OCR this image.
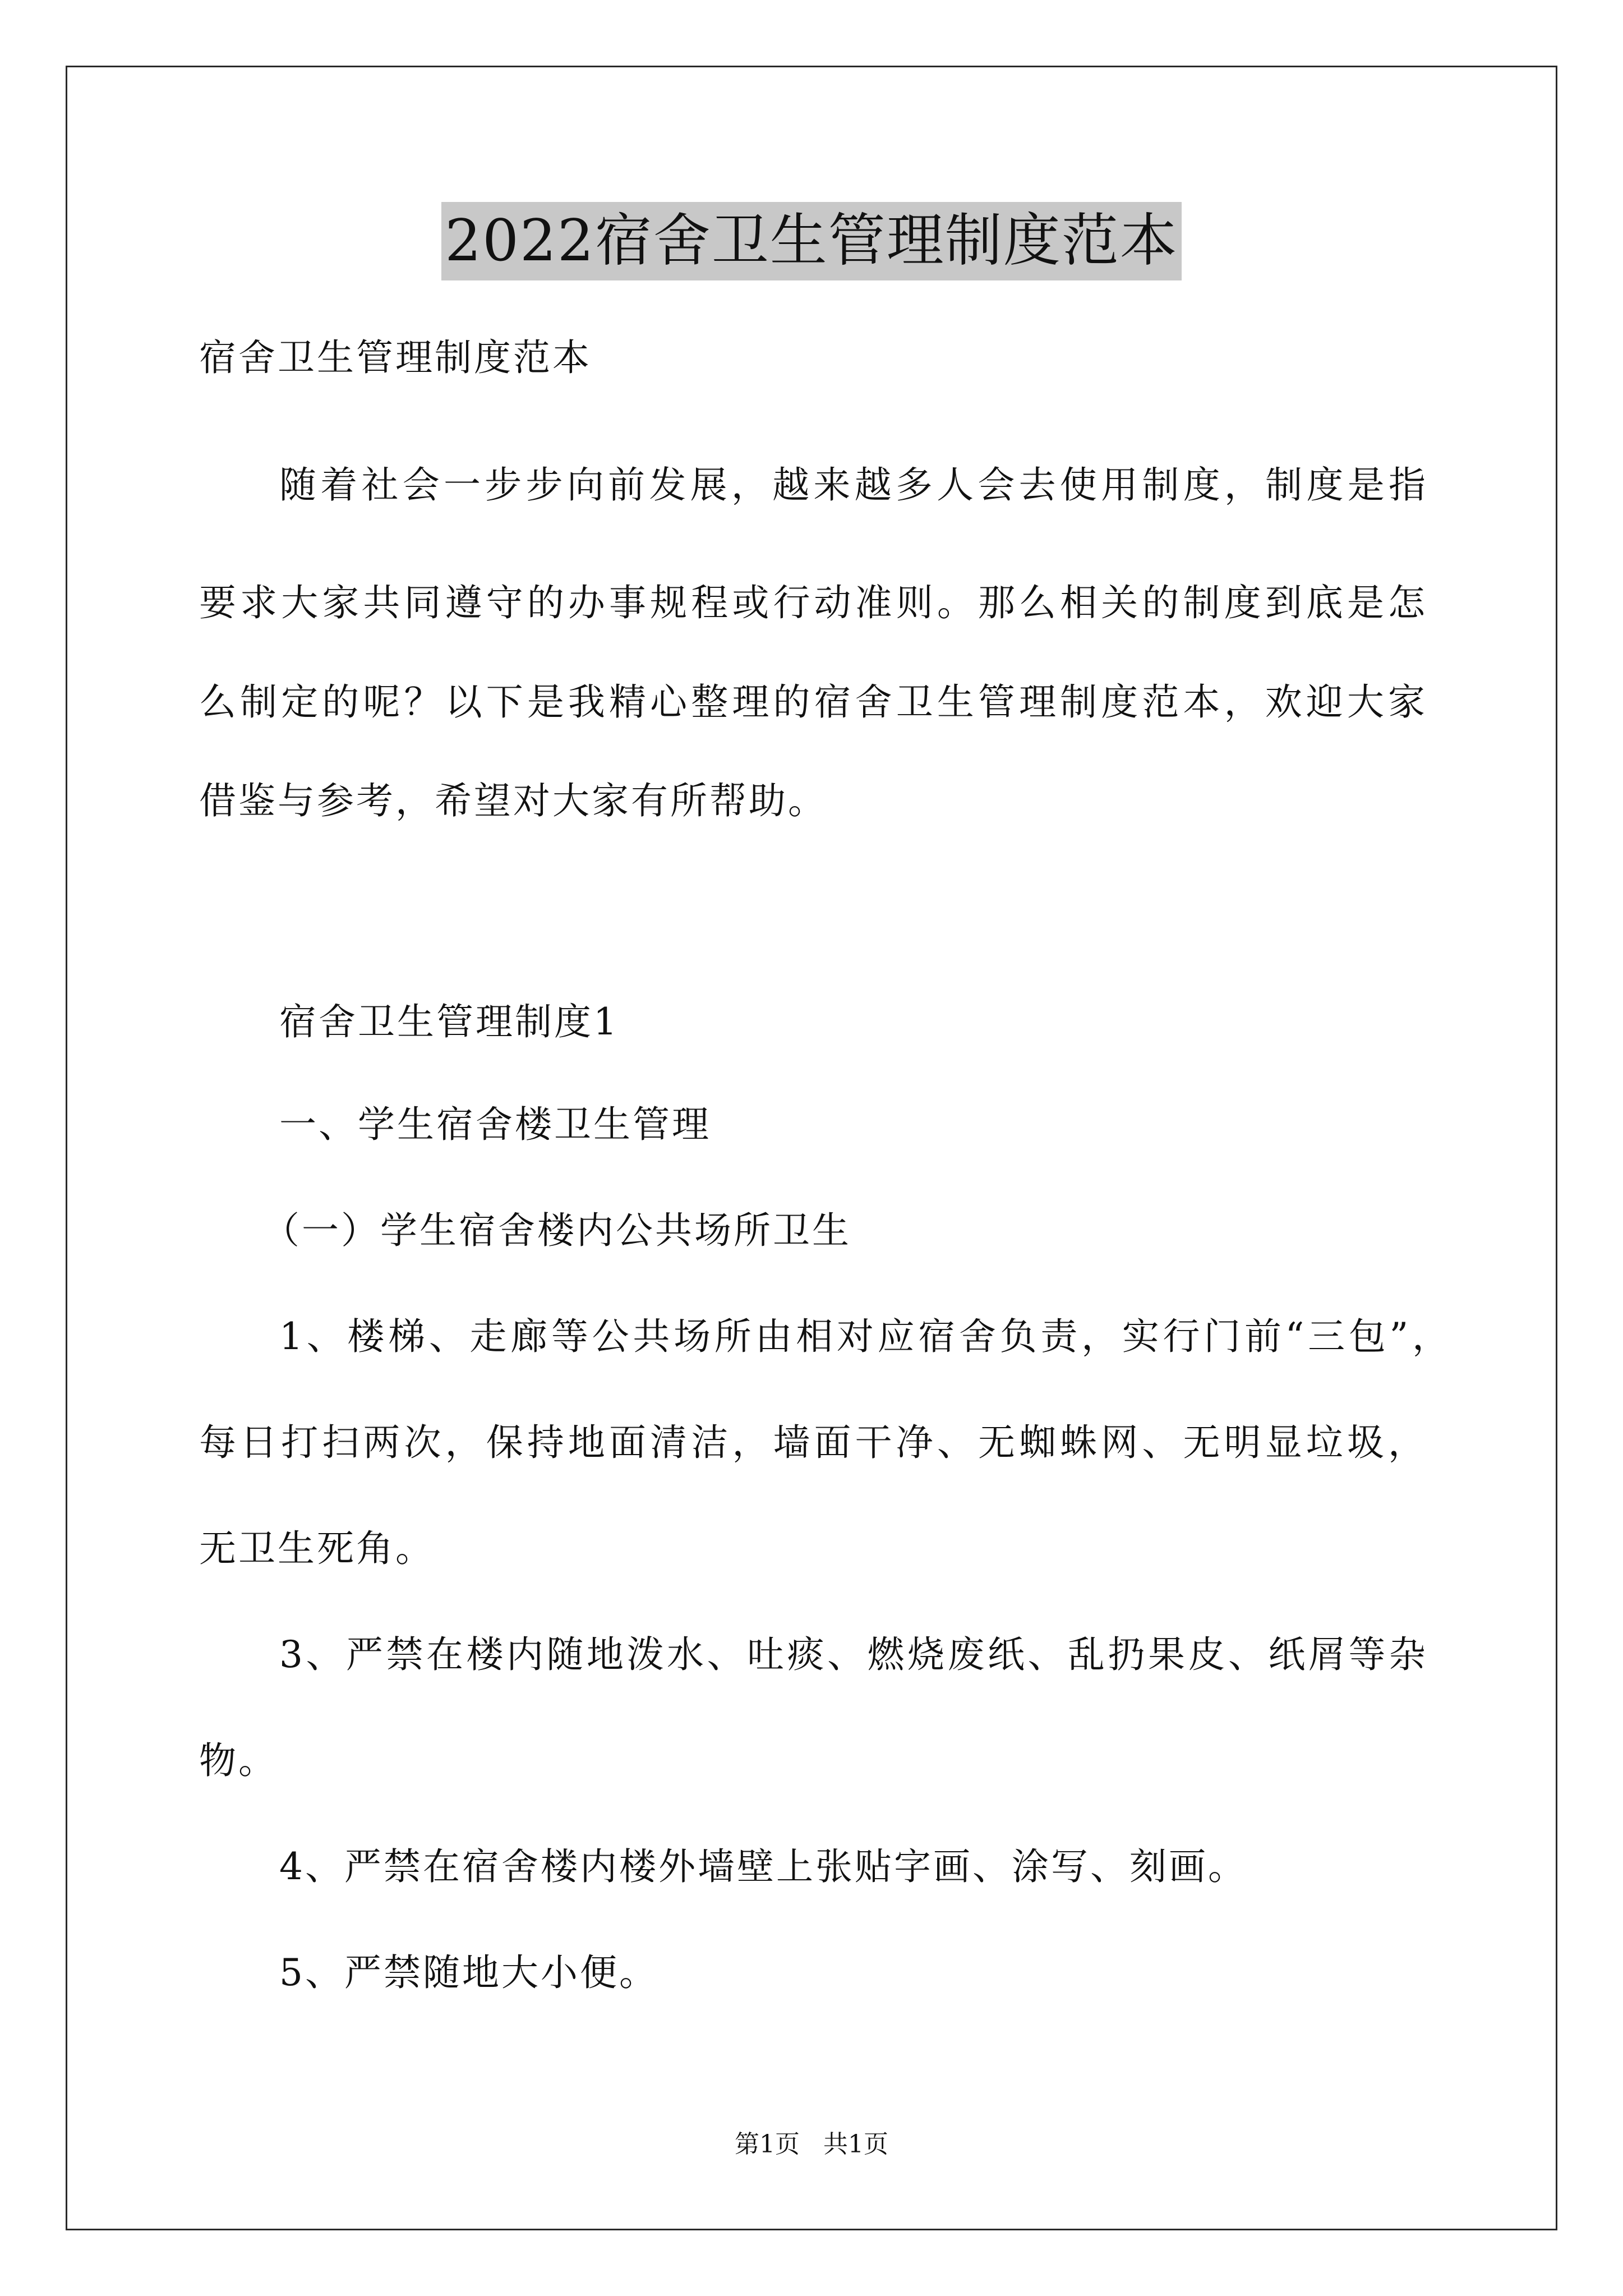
2022宿舍卫生管理制度范本
宿舍卫生管理制度范本
随着社会一步步向前发展，越来越多人会去使用制度，制度是指
要求大家共同遵守的办事规程或行动准则。那么相关的制度到底是怎
么制定的呢？以下是我精心整理的宿舍卫生管理制度范本，欢迎大家
借鉴与参考，希望对大家有所帮助。
宿舍卫生管理制度1
一、学生宿舍楼卫生管理
（一）学生宿舍楼内公共场所卫生
1、楼梯、走廊等公共场所由相对应宿舍负责，实行门前“三包”，
每日打扫两次，保持地面清洁，墙面干净、无蜘蛛网、无明显垃圾，
无卫生死角。
3、严禁在楼内随地泼水、吐痰、燃烧废纸、乱扔果皮、纸屑等杂
物。
4、严禁在宿舍楼内楼外墙壁上张贴字画、涂写、刻画。
5、严禁随地大小便。
第1页   共1页
